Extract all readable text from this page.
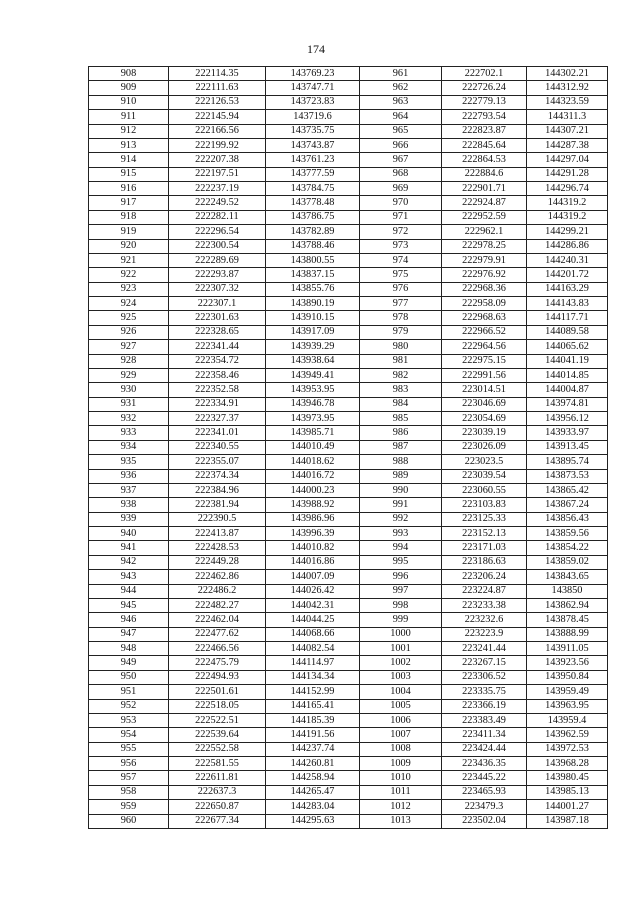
174
908	222114.35	143769.23	961	222702.1	144302.21
909	222111.63	143747.71	962	222726.24	144312.92
910	222126.53	143723.83	963	222779.13	144323.59
911	222145.94	143719.6	964	222793.54	144311.3
912	222166.56	143735.75	965	222823.87	144307.21
913	222199.92	143743.87	966	222845.64	144287.38
914	222207.38	143761.23	967	222864.53	144297.04
915	222197.51	143777.59	968	222884.6	144291.28
916	222237.19	143784.75	969	222901.71	144296.74
917	222249.52	143778.48	970	222924.87	144319.2
918	222282.11	143786.75	971	222952.59	144319.2
919	222296.54	143782.89	972	222962.1	144299.21
920	222300.54	143788.46	973	222978.25	144286.86
921	222289.69	143800.55	974	222979.91	144240.31
922	222293.87	143837.15	975	222976.92	144201.72
923	222307.32	143855.76	976	222968.36	144163.29
924	222307.1	143890.19	977	222958.09	144143.83
925	222301.63	143910.15	978	222968.63	144117.71
926	222328.65	143917.09	979	222966.52	144089.58
927	222341.44	143939.29	980	222964.56	144065.62
928	222354.72	143938.64	981	222975.15	144041.19
929	222358.46	143949.41	982	222991.56	144014.85
930	222352.58	143953.95	983	223014.51	144004.87
931	222334.91	143946.78	984	223046.69	143974.81
932	222327.37	143973.95	985	223054.69	143956.12
933	222341.01	143985.71	986	223039.19	143933.97
934	222340.55	144010.49	987	223026.09	143913.45
935	222355.07	144018.62	988	223023.5	143895.74
936	222374.34	144016.72	989	223039.54	143873.53
937	222384.96	144000.23	990	223060.55	143865.42
938	222381.94	143988.92	991	223103.83	143867.24
939	222390.5	143986.96	992	223125.33	143856.43
940	222413.87	143996.39	993	223152.13	143859.56
941	222428.53	144010.82	994	223171.03	143854.22
942	222449.28	144016.86	995	223186.63	143859.02
943	222462.86	144007.09	996	223206.24	143843.65
944	222486.2	144026.42	997	223224.87	143850
945	222482.27	144042.31	998	223233.38	143862.94
946	222462.04	144044.25	999	223232.6	143878.45
947	222477.62	144068.66	1000	223223.9	143888.99
948	222466.56	144082.54	1001	223241.44	143911.05
949	222475.79	144114.97	1002	223267.15	143923.56
950	222494.93	144134.34	1003	223306.52	143950.84
951	222501.61	144152.99	1004	223335.75	143959.49
952	222518.05	144165.41	1005	223366.19	143963.95
953	222522.51	144185.39	1006	223383.49	143959.4
954	222539.64	144191.56	1007	223411.34	143962.59
955	222552.58	144237.74	1008	223424.44	143972.53
956	222581.55	144260.81	1009	223436.35	143968.28
957	222611.81	144258.94	1010	223445.22	143980.45
958	222637.3	144265.47	1011	223465.93	143985.13
959	222650.87	144283.04	1012	223479.3	144001.27
960	222677.34	144295.63	1013	223502.04	143987.18
